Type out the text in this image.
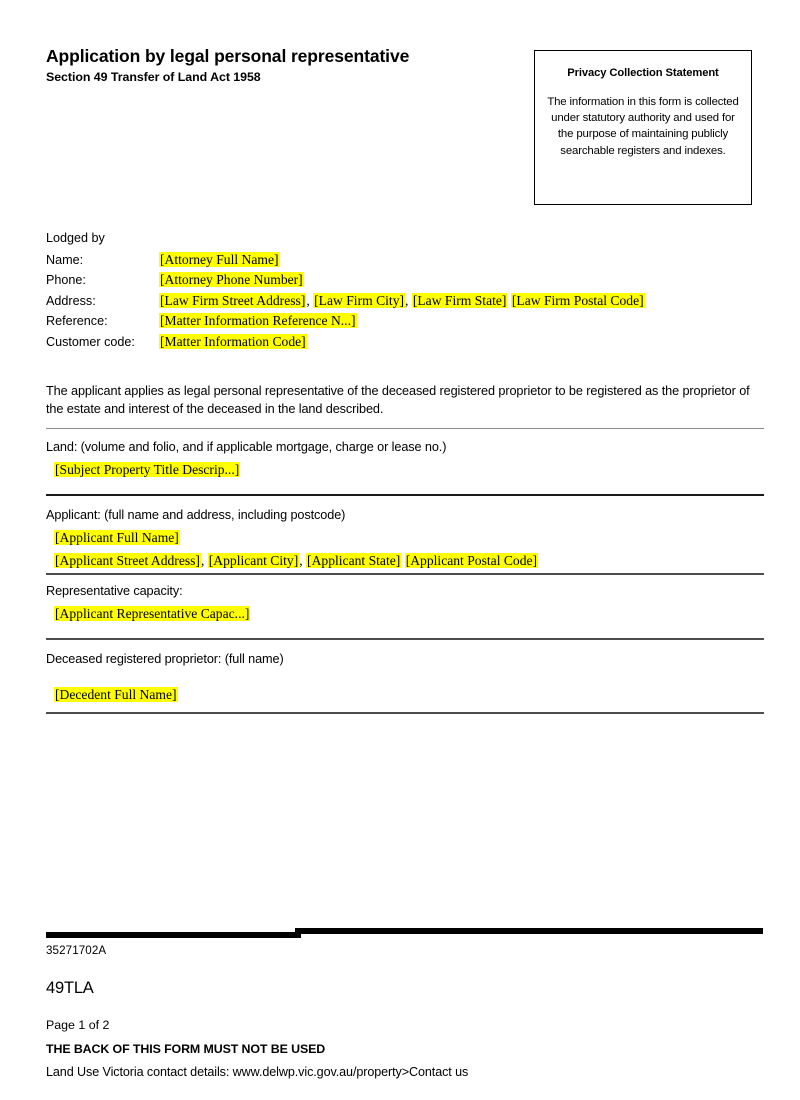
Application by legal personal representative
Section 49 Transfer of Land Act 1958	Privacy Collection Statement

The information in this form is collected under statutory authority and used for the purpose of maintaining publicly searchable registers and indexes.

Lodged by
Name:	[Attorney Full Name]
Phone:	[Attorney Phone Number]
Address:	[Law Firm Street Address], [Law Firm City], [Law Firm State] [Law Firm Postal Code]
Reference:	[Matter Information Reference N...]
Customer code:	[Matter Information Code]
The applicant applies as legal personal representative of the deceased registered proprietor to be registered as the proprietor of the estate and interest of the deceased in the land described.

Land: (volume and folio, and if applicable mortgage, charge or lease no.)

[Subject Property Title Descrip...]

Applicant: (full name and address, including postcode)

[Applicant Full Name]
[Applicant Street Address], [Applicant City], [Applicant State] [Applicant Postal Code]

Representative capacity:

[Applicant Representative Capac...]

Deceased registered proprietor: (full name)

[Decedent Full Name]

35271702A

49TLA

Page 1 of 2

THE BACK OF THIS FORM MUST NOT BE USED

Land Use Victoria contact details: www.delwp.vic.gov.au/property>Contact us
